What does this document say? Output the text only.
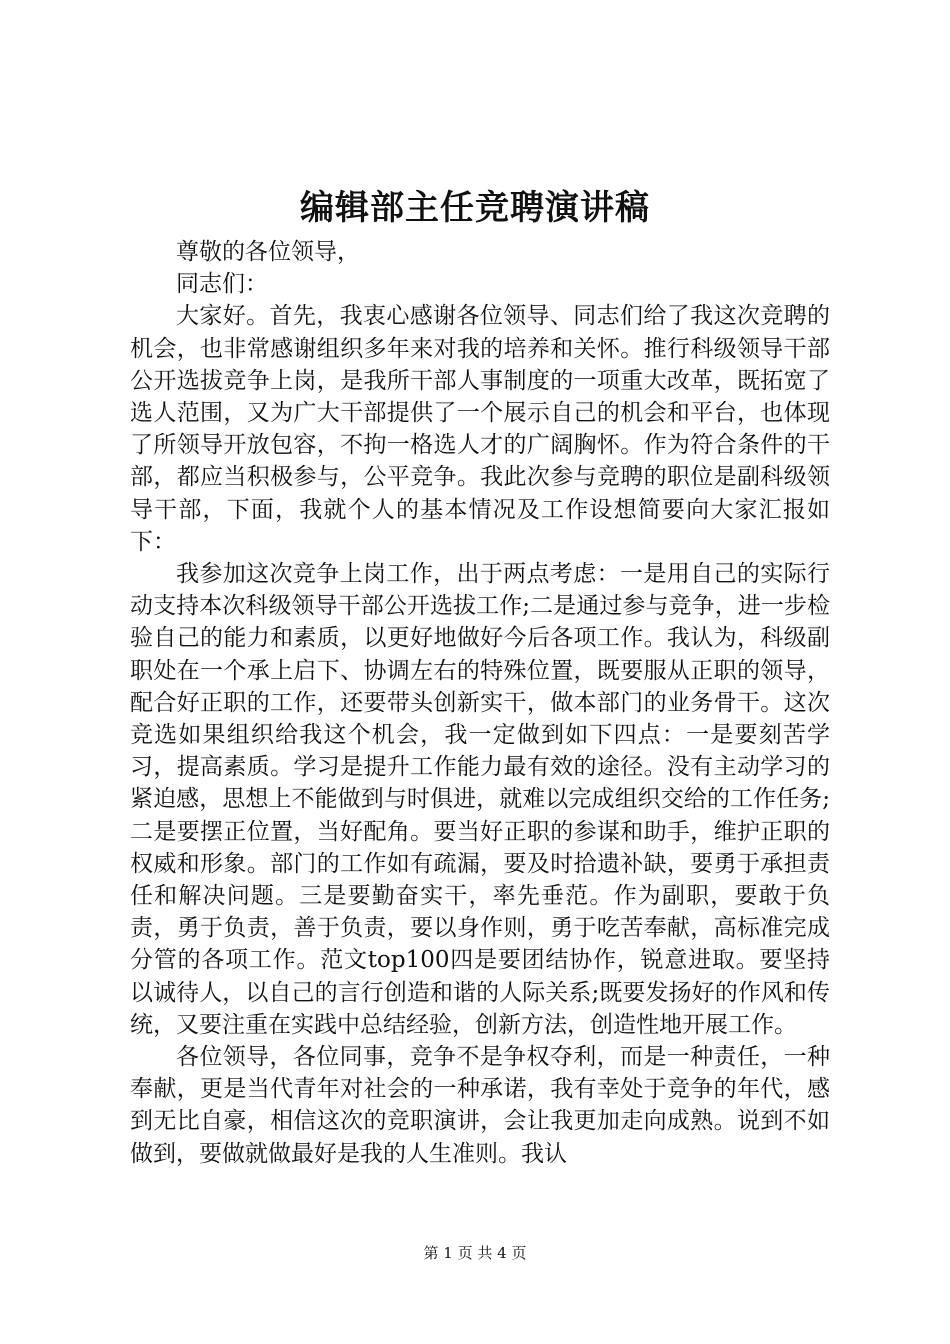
编辑部主任竞聘演讲稿

尊敬的各位领导，

同志们：

大家好。首先，我衷心感谢各位领导、同志们给了我这次竞聘的机会，也非常感谢组织多年来对我的培养和关怀。推行科级领导干部公开选拔竞争上岗，是我所干部人事制度的一项重大改革，既拓宽了选人范围，又为广大干部提供了一个展示自己的机会和平台，也体现了所领导开放包容，不拘一格选人才的广阔胸怀。作为符合条件的干部，都应当积极参与，公平竞争。我此次参与竞聘的职位是副科级领导干部，下面，我就个人的基本情况及工作设想简要向大家汇报如下：

我参加这次竞争上岗工作，出于两点考虑：一是用自己的实际行动支持本次科级领导干部公开选拔工作;二是通过参与竞争，进一步检验自己的能力和素质，以更好地做好今后各项工作。我认为，科级副职处在一个承上启下、协调左右的特殊位置，既要服从正职的领导，配合好正职的工作，还要带头创新实干，做本部门的业务骨干。这次竞选如果组织给我这个机会，我一定做到如下四点：一是要刻苦学习，提高素质。学习是提升工作能力最有效的途径。没有主动学习的紧迫感，思想上不能做到与时俱进，就难以完成组织交给的工作任务;二是要摆正位置，当好配角。要当好正职的参谋和助手，维护正职的权威和形象。部门的工作如有疏漏，要及时拾遗补缺，要勇于承担责任和解决问题。三是要勤奋实干，率先垂范。作为副职，要敢于负责，勇于负责，善于负责，要以身作则，勇于吃苦奉献，高标准完成分管的各项工作。范文top100四是要团结协作，锐意进取。要坚持以诚待人，以自己的言行创造和谐的人际关系;既要发扬好的作风和传统，又要注重在实践中总结经验，创新方法，创造性地开展工作。

各位领导，各位同事，竞争不是争权夺利，而是一种责任，一种奉献，更是当代青年对社会的一种承诺，我有幸处于竞争的年代，感到无比自豪，相信这次的竞职演讲，会让我更加走向成熟。说到不如做到，要做就做最好是我的人生准则。我认

第 1 页 共 4 页
